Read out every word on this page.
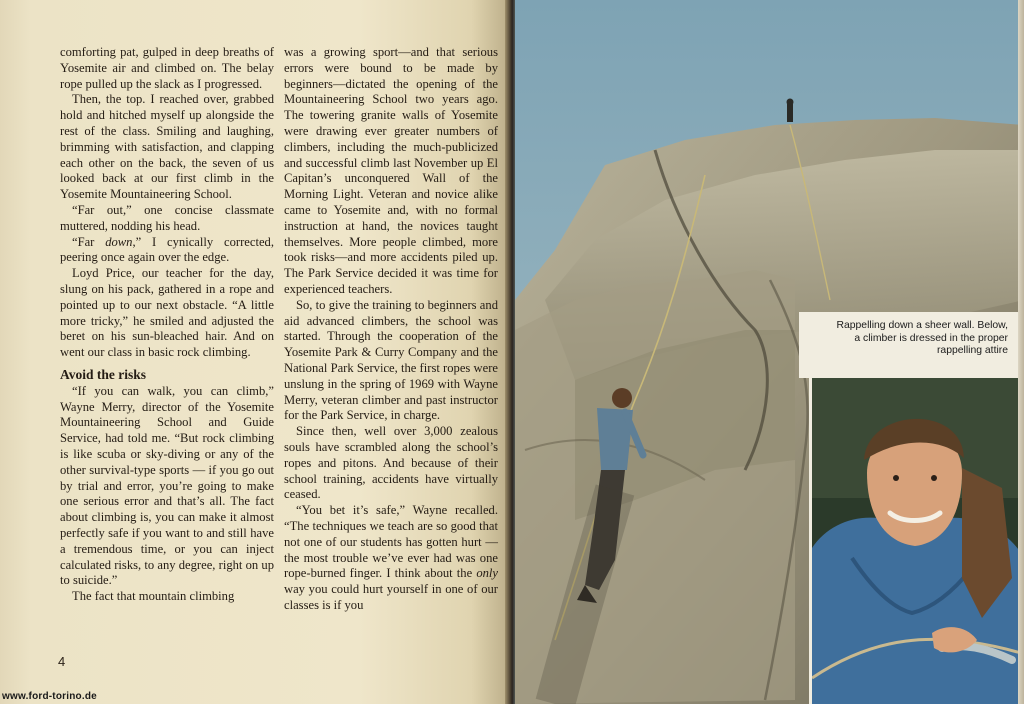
comforting pat, gulped in deep breaths of Yosemite air and climbed on. The belay rope pulled up the slack as I progressed.

Then, the top. I reached over, grabbed hold and hitched myself up alongside the rest of the class. Smiling and laughing, brimming with satisfaction, and clapping each other on the back, the seven of us looked back at our first climb in the Yosemite Mountaineering School.

“Far out,” one concise classmate muttered, nodding his head.

“Far down,” I cynically corrected, peering once again over the edge.

Loyd Price, our teacher for the day, slung on his pack, gathered in a rope and pointed up to our next obstacle. “A little more tricky,” he smiled and adjusted the beret on his sun-bleached hair. And on went our class in basic rock climbing.

Avoid the risks

“If you can walk, you can climb,” Wayne Merry, director of the Yosemite Mountaineering School and Guide Service, had told me. “But rock climbing is like scuba or sky-diving or any of the other survival-type sports — if you go out by trial and error, you’re going to make one serious error and that’s all. The fact about climbing is, you can make it almost perfectly safe if you want to and still have a tremendous time, or you can inject calculated risks, to any degree, right on up to suicide.”

The fact that mountain climbing

was a growing sport—and that serious errors were bound to be made by beginners—dictated the opening of the Mountaineering School two years ago. The towering granite walls of Yosemite were drawing ever greater numbers of climbers, including the much-publicized and successful climb last November up El Capitan’s unconquered Wall of the Morning Light. Veteran and novice alike came to Yosemite and, with no formal instruction at hand, the novices taught themselves. More people climbed, more took risks—and more accidents piled up. The Park Service decided it was time for experienced teachers.

So, to give the training to beginners and aid advanced climbers, the school was started. Through the cooperation of the Yosemite Park & Curry Company and the National Park Service, the first ropes were unslung in the spring of 1969 with Wayne Merry, veteran climber and past instructor for the Park Service, in charge.

Since then, well over 3,000 zealous souls have scrambled along the school’s ropes and pitons. And because of their school training, accidents have virtually ceased.

“You bet it’s safe,” Wayne recalled. “The techniques we teach are so good that not one of our students has gotten hurt — the most trouble we’ve ever had was one rope-burned finger. I think about the only way you could hurt yourself in one of our classes is if you

4
www.ford-torino.de
Rappelling down a sheer wall. Below, a climber is dressed in the proper rappelling attire
